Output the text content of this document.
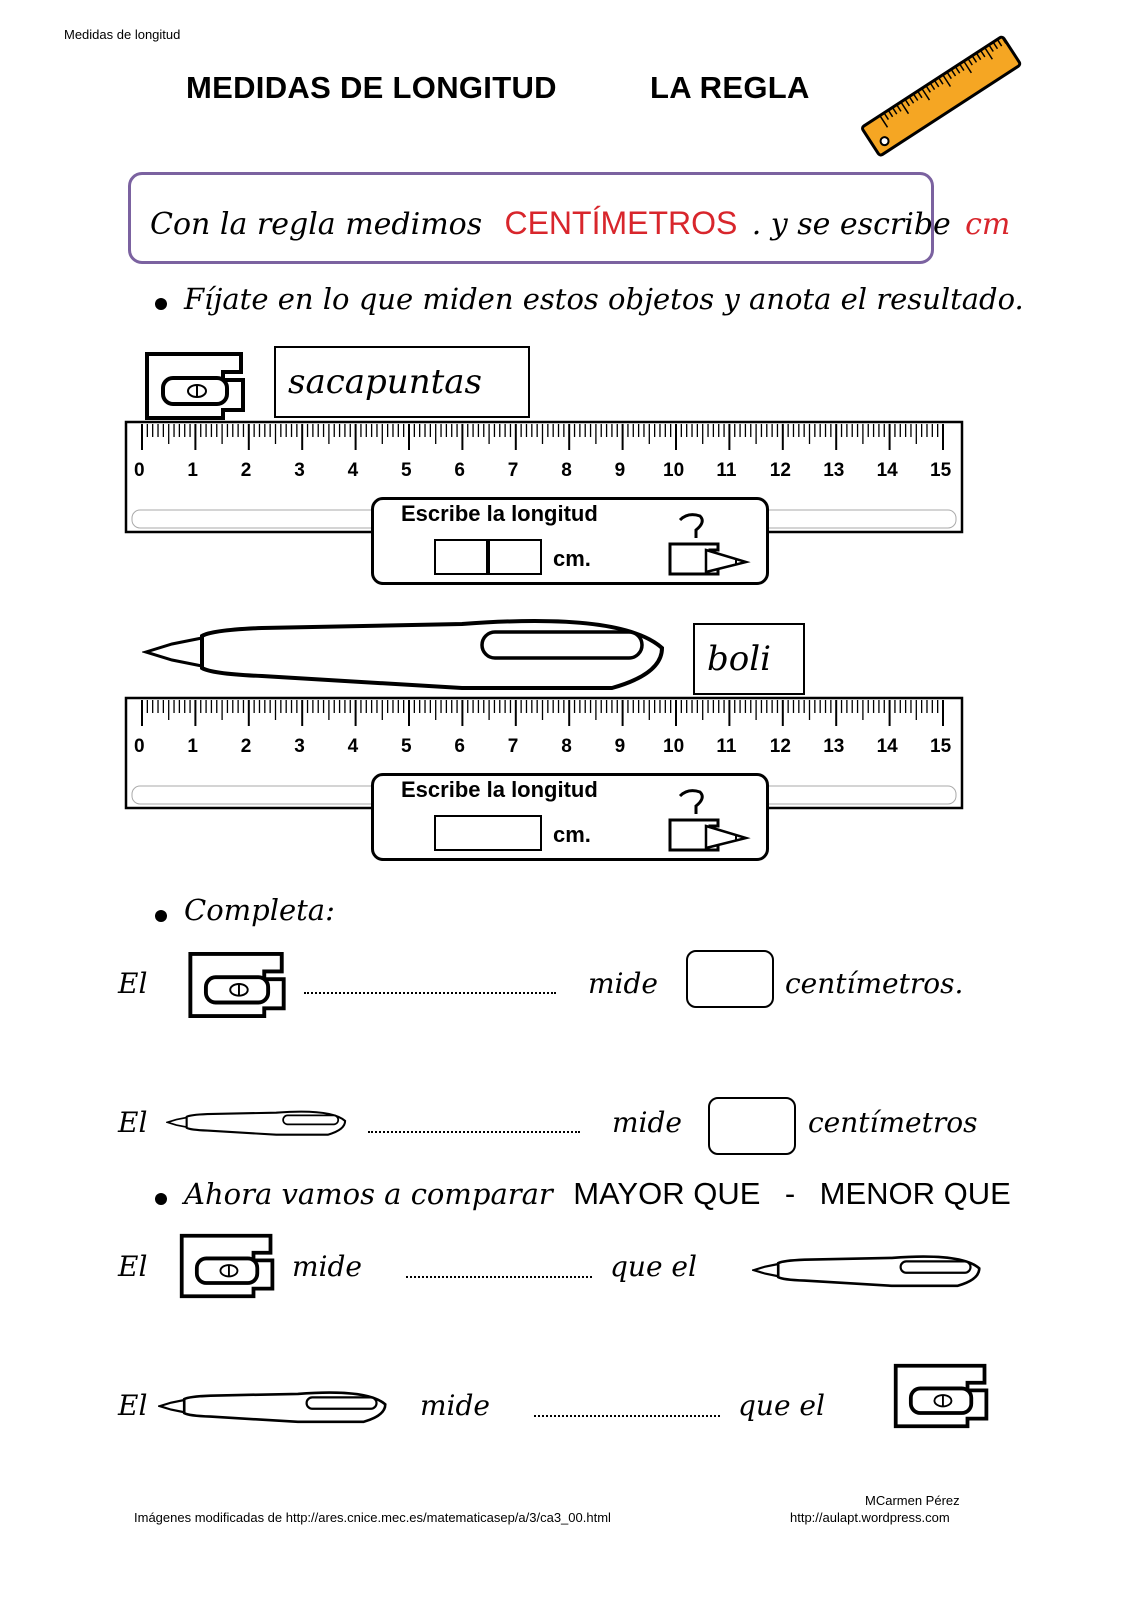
Medidas de longitud
MEDIDAS DE LONGITUD	LA REGLA
Con la regla medimos CENTÍMETROS . y se escribe cm
Fíjate en lo que miden estos objetos y anota el resultado.
sacapuntas
0 1 2 3 4 5 6 7 8 9 10 11 12 13 14 15
Escribe la longitud
cm.
boli
0 1 2 3 4 5 6 7 8 9 10 11 12 13 14 15
Escribe la longitud
cm.
Completa:
El	mide	centímetros.
El	mide	centímetros
Ahora vamos a comparar MAYOR QUE - MENOR QUE
El	mide	que el
El	mide	que el
MCarmen Pérez
Imágenes modificadas de http://ares.cnice.mec.es/matematicasep/a/3/ca3_00.html	http://aulapt.wordpress.com
